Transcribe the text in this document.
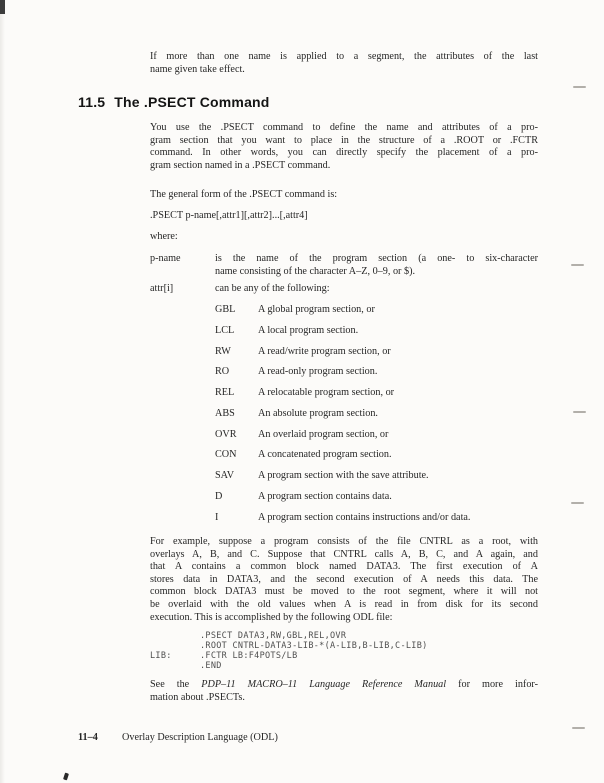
If more than one name is applied to a segment, the attributes of the last
name given take effect.
11.5 The .PSECT Command
You use the .PSECT command to define the name and attributes of a pro-
gram section that you want to place in the structure of a .ROOT or .FCTR
command. In other words, you can directly specify the placement of a pro-
gram section named in a .PSECT command.
The general form of the .PSECT command is:
.PSECT p-name[,attr1][,attr2]...[,attr4]
where:
p-name	is the name of the program section (a one- to six-character
name consisting of the character A–Z, 0–9, or $).
attr[i]	can be any of the following:
GBL	A global program section, or
LCL	A local program section.
RW	A read/write program section, or
RO	A read-only program section.
REL	A relocatable program section, or
ABS	An absolute program section.
OVR	An overlaid program section, or
CON	A concatenated program section.
SAV	A program section with the save attribute.
D	A program section contains data.
I	A program section contains instructions and/or data.
For example, suppose a program consists of the file CNTRL as a root, with
overlays A, B, and C. Suppose that CNTRL calls A, B, C, and A again, and
that A contains a common block named DATA3. The first execution of A
stores data in DATA3, and the second execution of A needs this data. The
common block DATA3 must be moved to the root segment, where it will not
be overlaid with the old values when A is read in from disk for its second
execution. This is accomplished by the following ODL file:
.PSECT DATA3,RW,GBL,REL,OVR
.ROOT CNTRL-DATA3-LIB-*(A-LIB,B-LIB,C-LIB)
LIB:	.FCTR LB:F4POTS/LB
.END
See the PDP–11 MACRO–11 Language Reference Manual for more infor-
mation about .PSECTs.
11–4 Overlay Description Language (ODL)
